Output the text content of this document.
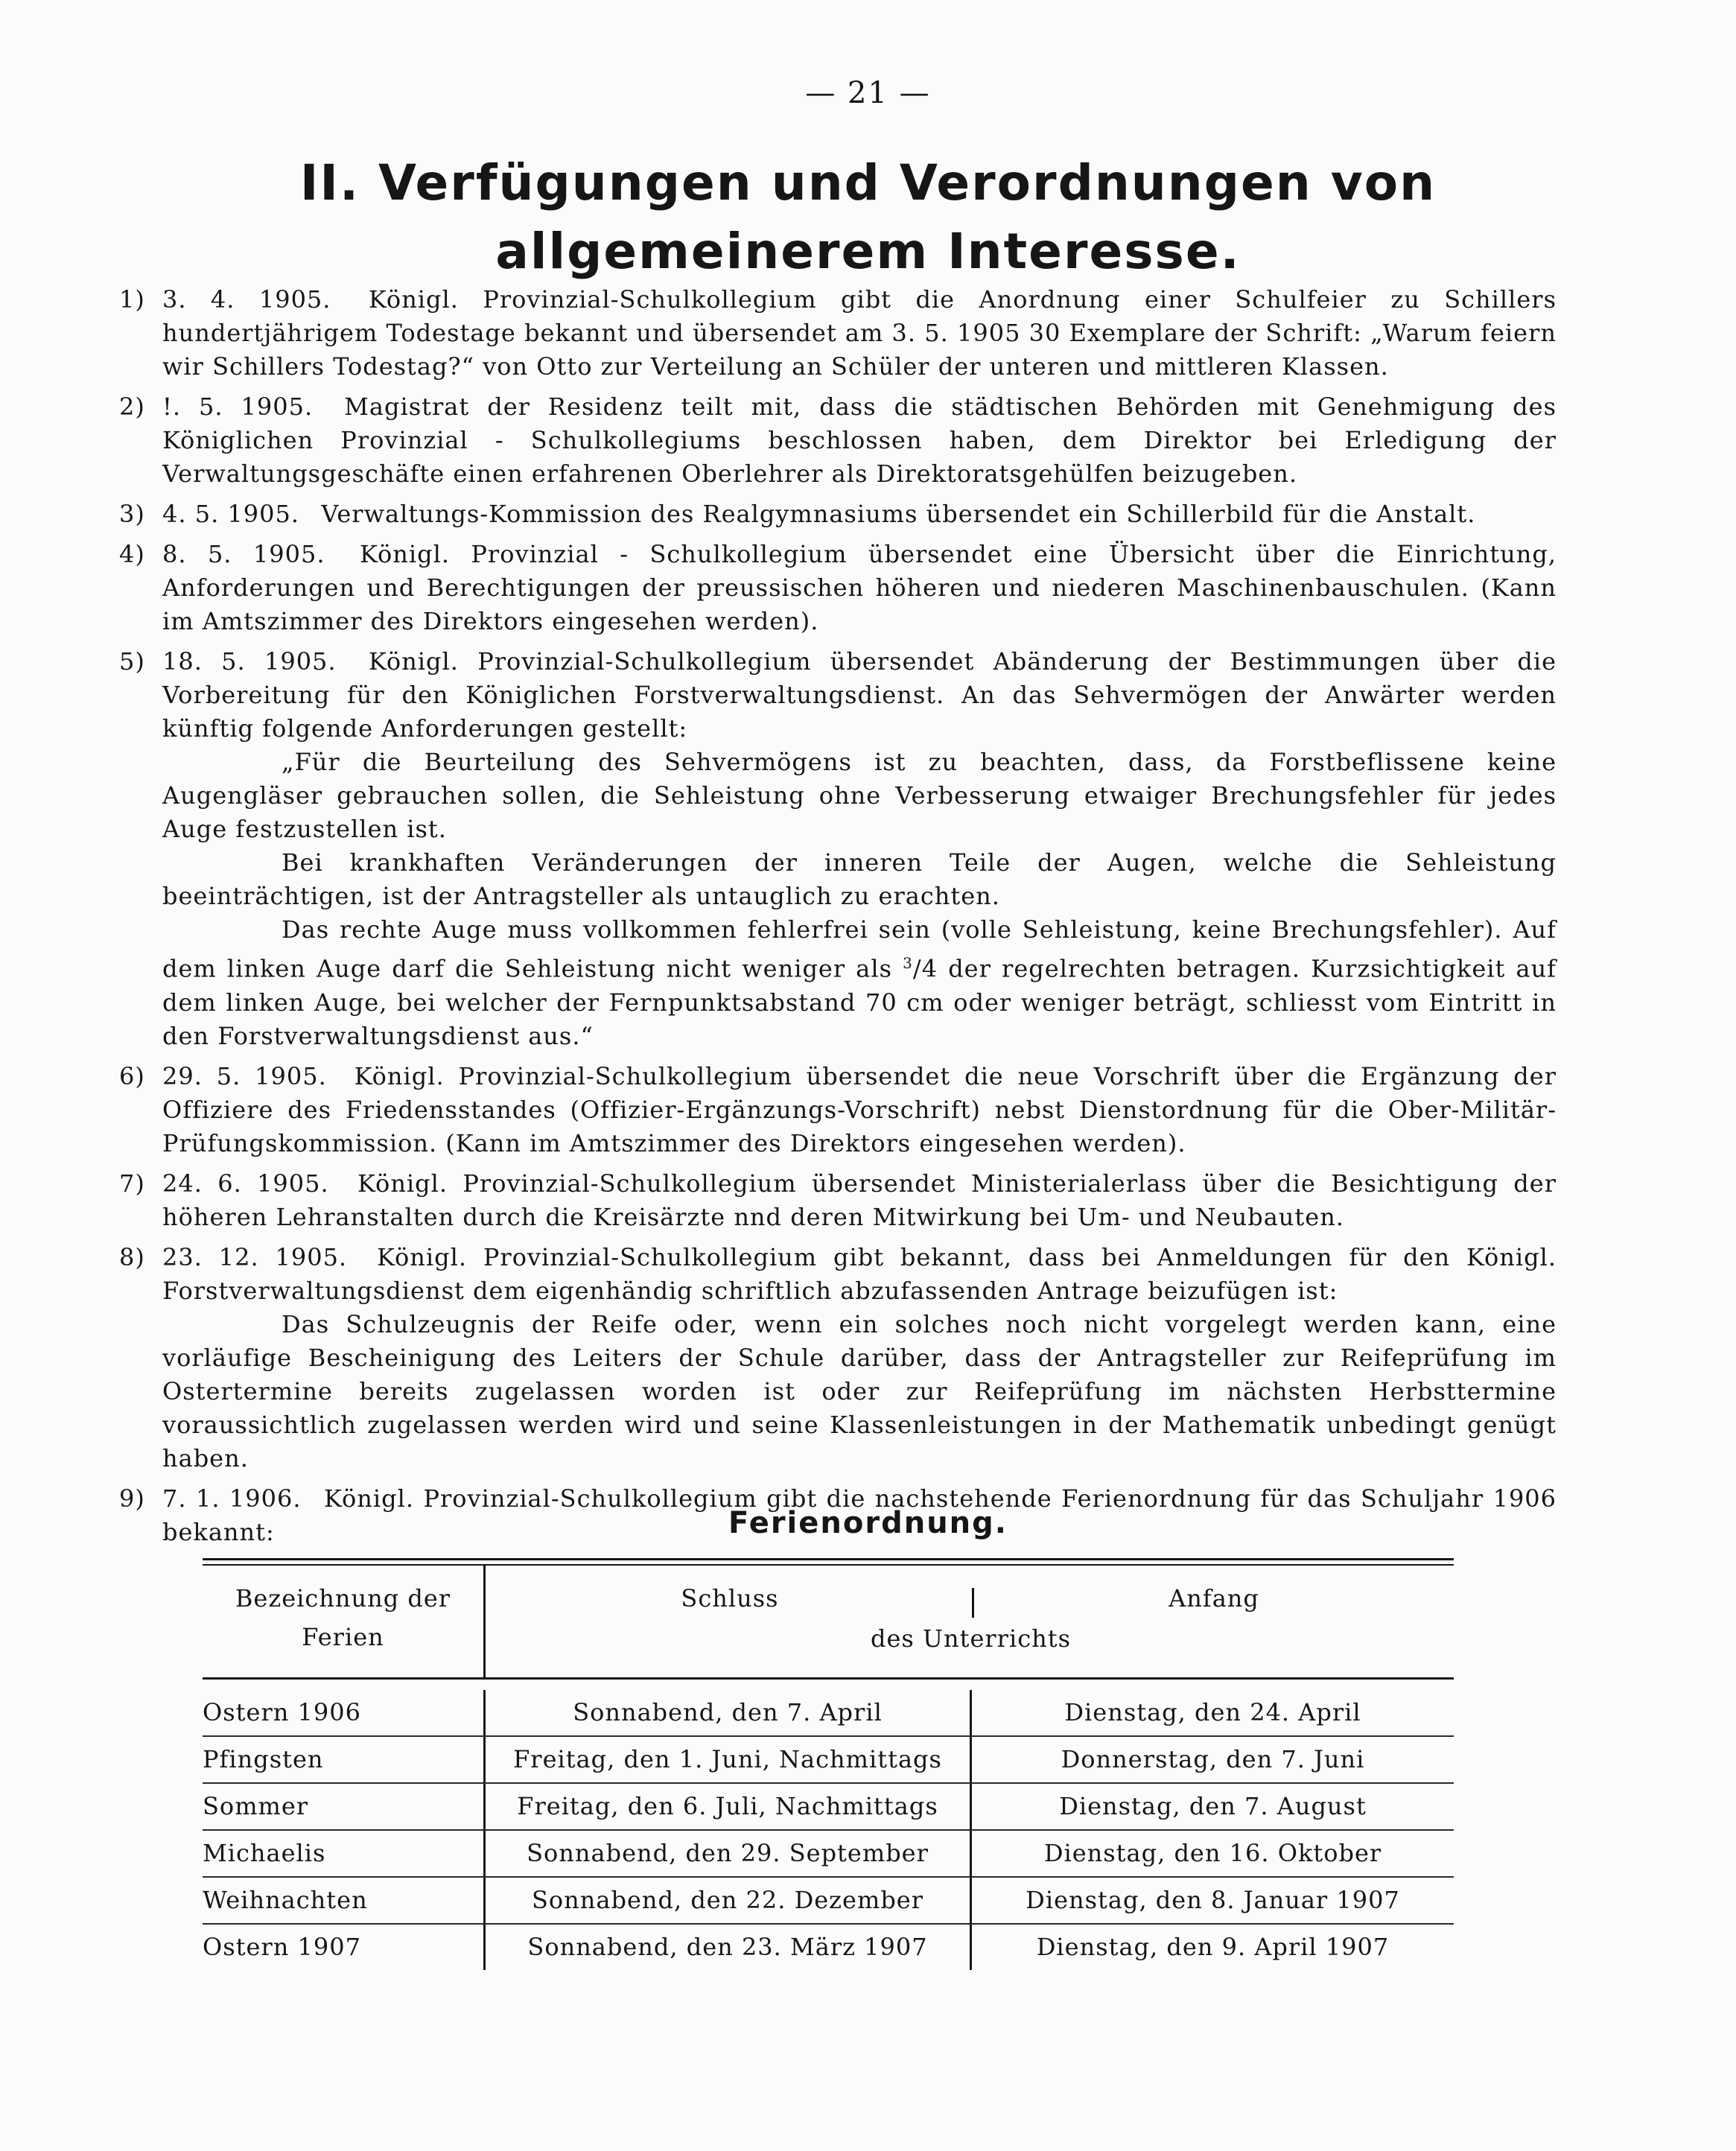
— 21 —
II. Verfügungen und Verordnungen von
allgemeinerem Interesse.
1) 3. 4. 1905. Königl. Provinzial-Schulkollegium gibt die Anordnung einer Schulfeier zu Schillers hundertjährigem Todestage bekannt und übersendet am 3. 5. 1905 30 Exemplare der Schrift: „Warum feiern wir Schillers Todestag?“ von Otto zur Verteilung an Schüler der unteren und mittleren Klassen.
2) !. 5. 1905. Magistrat der Residenz teilt mit, dass die städtischen Behörden mit Genehmigung des Königlichen Provinzial - Schulkollegiums beschlossen haben, dem Direktor bei Erledigung der Verwaltungsgeschäfte einen erfahrenen Oberlehrer als Direktoratsgehülfen beizugeben.
3) 4. 5. 1905. Verwaltungs-Kommission des Realgymnasiums übersendet ein Schillerbild für die Anstalt.
4) 8. 5. 1905. Königl. Provinzial - Schulkollegium übersendet eine Übersicht über die Einrichtung, Anforderungen und Berechtigungen der preussischen höheren und niederen Maschinenbauschulen. (Kann im Amtszimmer des Direktors eingesehen werden).
5) 18. 5. 1905. Königl. Provinzial-Schulkollegium übersendet Abänderung der Bestimmungen über die Vorbereitung für den Königlichen Forstverwaltungsdienst. An das Sehvermögen der Anwärter werden künftig folgende Anforderungen gestellt:

„Für die Beurteilung des Sehvermögens ist zu beachten, dass, da Forstbeflissene keine Augengläser gebrauchen sollen, die Sehleistung ohne Verbesserung etwaiger Brechungsfehler für jedes Auge festzustellen ist.

Bei krankhaften Veränderungen der inneren Teile der Augen, welche die Sehleistung beeinträchtigen, ist der Antragsteller als untauglich zu erachten.

Das rechte Auge muss vollkommen fehlerfrei sein (volle Sehleistung, keine Brechungsfehler). Auf dem linken Auge darf die Sehleistung nicht weniger als $^3$/4 der regelrechten betragen. Kurzsichtigkeit auf dem linken Auge, bei welcher der Fernpunktsabstand 70 cm oder weniger beträgt, schliesst vom Eintritt in den Forstverwaltungsdienst aus.“

6) 29. 5. 1905. Königl. Provinzial-Schulkollegium übersendet die neue Vorschrift über die Ergänzung der Offiziere des Friedensstandes (Offizier-Ergänzungs-Vorschrift) nebst Dienstordnung für die Ober-Militär-Prüfungskommission. (Kann im Amtszimmer des Direktors eingesehen werden).
7) 24. 6. 1905. Königl. Provinzial-Schulkollegium übersendet Ministerialerlass über die Besichtigung der höheren Lehranstalten durch die Kreisärzte nnd deren Mitwirkung bei Um- und Neubauten.
8) 23. 12. 1905. Königl. Provinzial-Schulkollegium gibt bekannt, dass bei Anmeldungen für den Königl. Forstverwaltungsdienst dem eigenhändig schriftlich abzufassenden Antrage beizufügen ist:

Das Schulzeugnis der Reife oder, wenn ein solches noch nicht vorgelegt werden kann, eine vorläufige Bescheinigung des Leiters der Schule darüber, dass der Antragsteller zur Reifeprüfung im Ostertermine bereits zugelassen worden ist oder zur Reifeprüfung im nächsten Herbsttermine voraussichtlich zugelassen werden wird und seine Klassenleistungen in der Mathematik unbedingt genügt haben.

9) 7. 1. 1906. Königl. Provinzial-Schulkollegium gibt die nachstehende Ferienordnung für das Schuljahr 1906 bekannt:	Ferienordnung.
Bezeichnung der
Ferien
Schluss	Anfang
des Unterrichts
Ostern 1906	Sonnabend, den 7. April	Dienstag, den 24. April
Pfingsten	Freitag, den 1. Juni, Nachmittags	Donnerstag, den 7. Juni
Sommer	Freitag, den 6. Juli, Nachmittags	Dienstag, den 7. August
Michaelis	Sonnabend, den 29. September	Dienstag, den 16. Oktober
Weihnachten	Sonnabend, den 22. Dezember	Dienstag, den 8. Januar 1907
Ostern 1907	Sonnabend, den 23. März 1907	Dienstag, den 9. April 1907
